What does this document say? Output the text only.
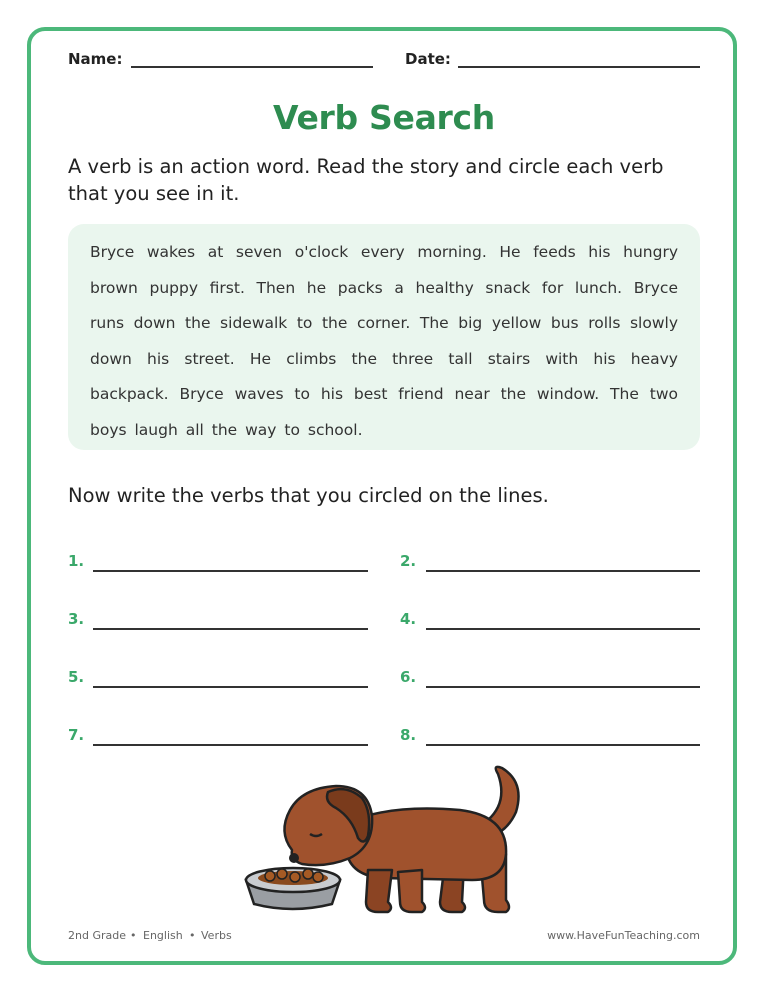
Name:	Date:
Verb Search
A verb is an action word. Read the story and circle each verb that you see in it.

Bryce wakes at seven o'clock every morning. He feeds his hungry brown puppy first. Then he packs a healthy snack for lunch. Bryce runs down the sidewalk to the corner. The big yellow bus rolls slowly down his street. He climbs the three tall stairs with his heavy backpack. Bryce waves to his best friend near the window. The two boys laugh all the way to school.

Now write the verbs that you circled on the lines.
1.	2.
3.	4.
5.	6.
7.	8.
2nd Grade • English • Verbs	www.HaveFunTeaching.com
